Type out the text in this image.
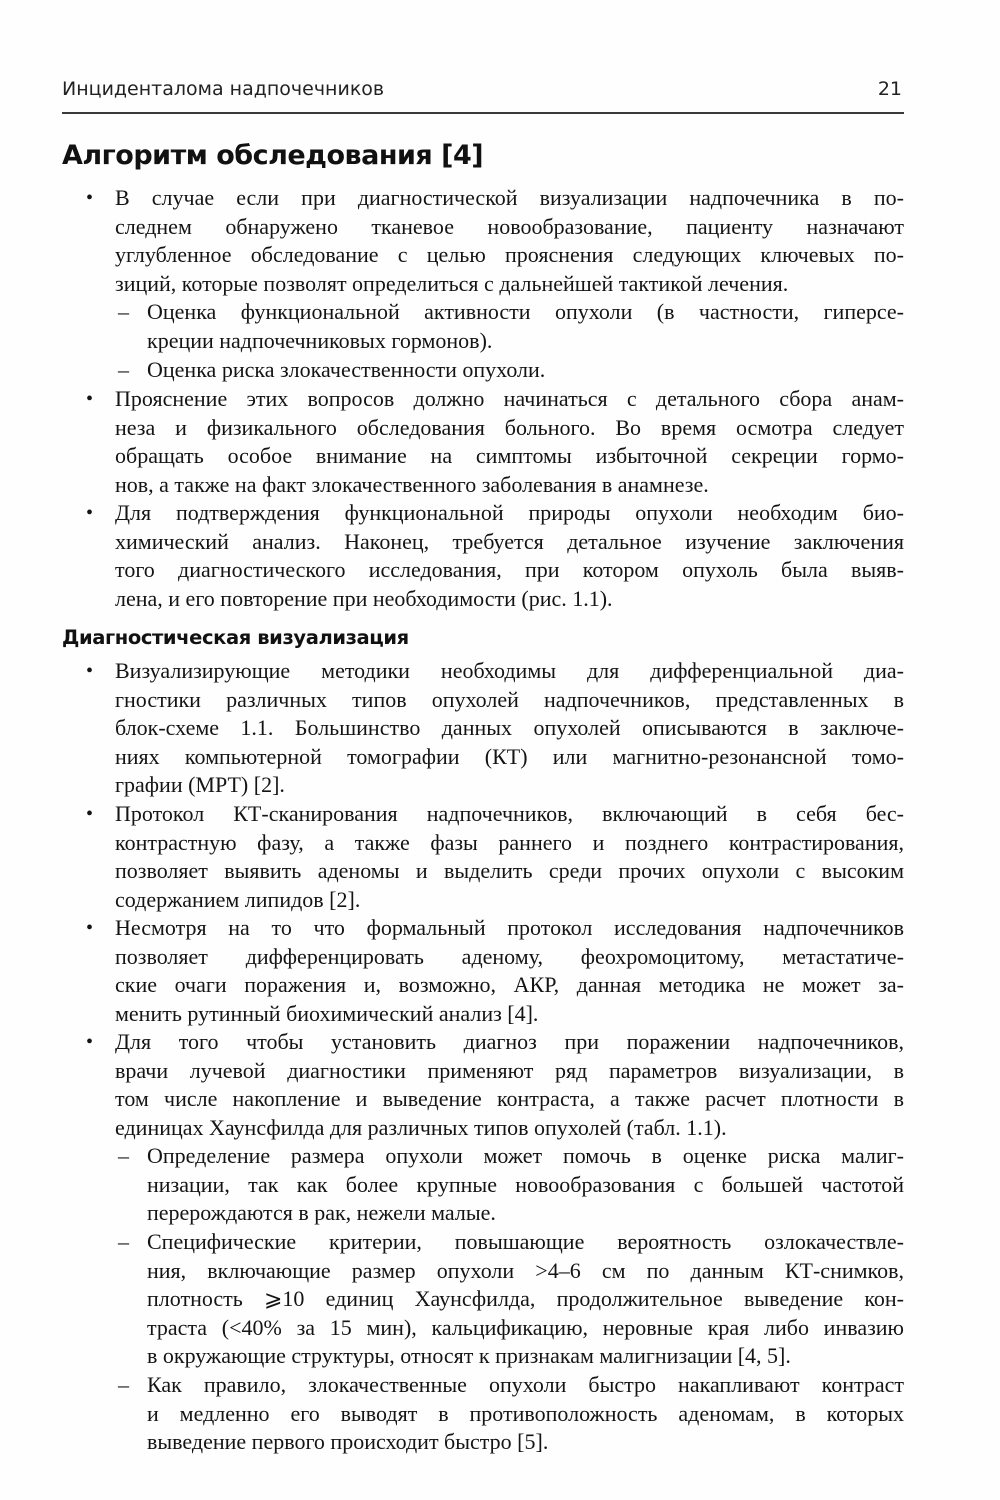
Инциденталома надпочечников	21
Алгоритм обследования [4]
• В случае если при диагностической визуализации надпочечника в по-
следнем обнаружено тканевое новообразование, пациенту назначают
углубленное обследование с целью прояснения следующих ключевых по-
зиций, которые позволят определиться с дальнейшей тактикой лечения.
– Оценка функциональной активности опухоли (в частности, гиперсе-
креции надпочечниковых гормонов).
– Оценка риска злокачественности опухоли.
• Прояснение этих вопросов должно начинаться с детального сбора анам-
неза и физикального обследования больного. Во время осмотра следует
обращать особое внимание на симптомы избыточной секреции гормо-
нов, а также на факт злокачественного заболевания в анамнезе.
• Для подтверждения функциональной природы опухоли необходим био-
химический анализ. Наконец, требуется детальное изучение заключения
того диагностического исследования, при котором опухоль была выяв-
лена, и его повторение при необходимости (рис. 1.1).
Диагностическая визуализация
• Визуализирующие методики необходимы для дифференциальной диа-
гностики различных типов опухолей надпочечников, представленных в
блок-схеме 1.1. Большинство данных опухолей описываются в заключе-
ниях компьютерной томографии (КТ) или магнитно-резонансной томо-
графии (МРТ) [2].
• Протокол КТ-сканирования надпочечников, включающий в себя бес-
контрастную фазу, а также фазы раннего и позднего контрастирования,
позволяет выявить аденомы и выделить среди прочих опухоли с высоким
содержанием липидов [2].
• Несмотря на то что формальный протокол исследования надпочечников
позволяет дифференцировать аденому, феохромоцитому, метастатиче-
ские очаги поражения и, возможно, АКР, данная методика не может за-
менить рутинный биохимический анализ [4].
• Для того чтобы установить диагноз при поражении надпочечников,
врачи лучевой диагностики применяют ряд параметров визуализации, в
том числе накопление и выведение контраста, а также расчет плотности в
единицах Хаунсфилда для различных типов опухолей (табл. 1.1).
– Определение размера опухоли может помочь в оценке риска малиг-
низации, так как более крупные новообразования с большей частотой
перерождаются в рак, нежели малые.
– Специфические критерии, повышающие вероятность озлокачествле-
ния, включающие размер опухоли >4–6 см по данным КТ-снимков,
плотность ⩾10 единиц Хаунсфилда, продолжительное выведение кон-
траста (<40% за 15 мин), кальцификацию, неровные края либо инвазию
в окружающие структуры, относят к признакам малигнизации [4, 5].
– Как правило, злокачественные опухоли быстро накапливают контраст
и медленно его выводят в противоположность аденомам, в которых
выведение первого происходит быстро [5].
